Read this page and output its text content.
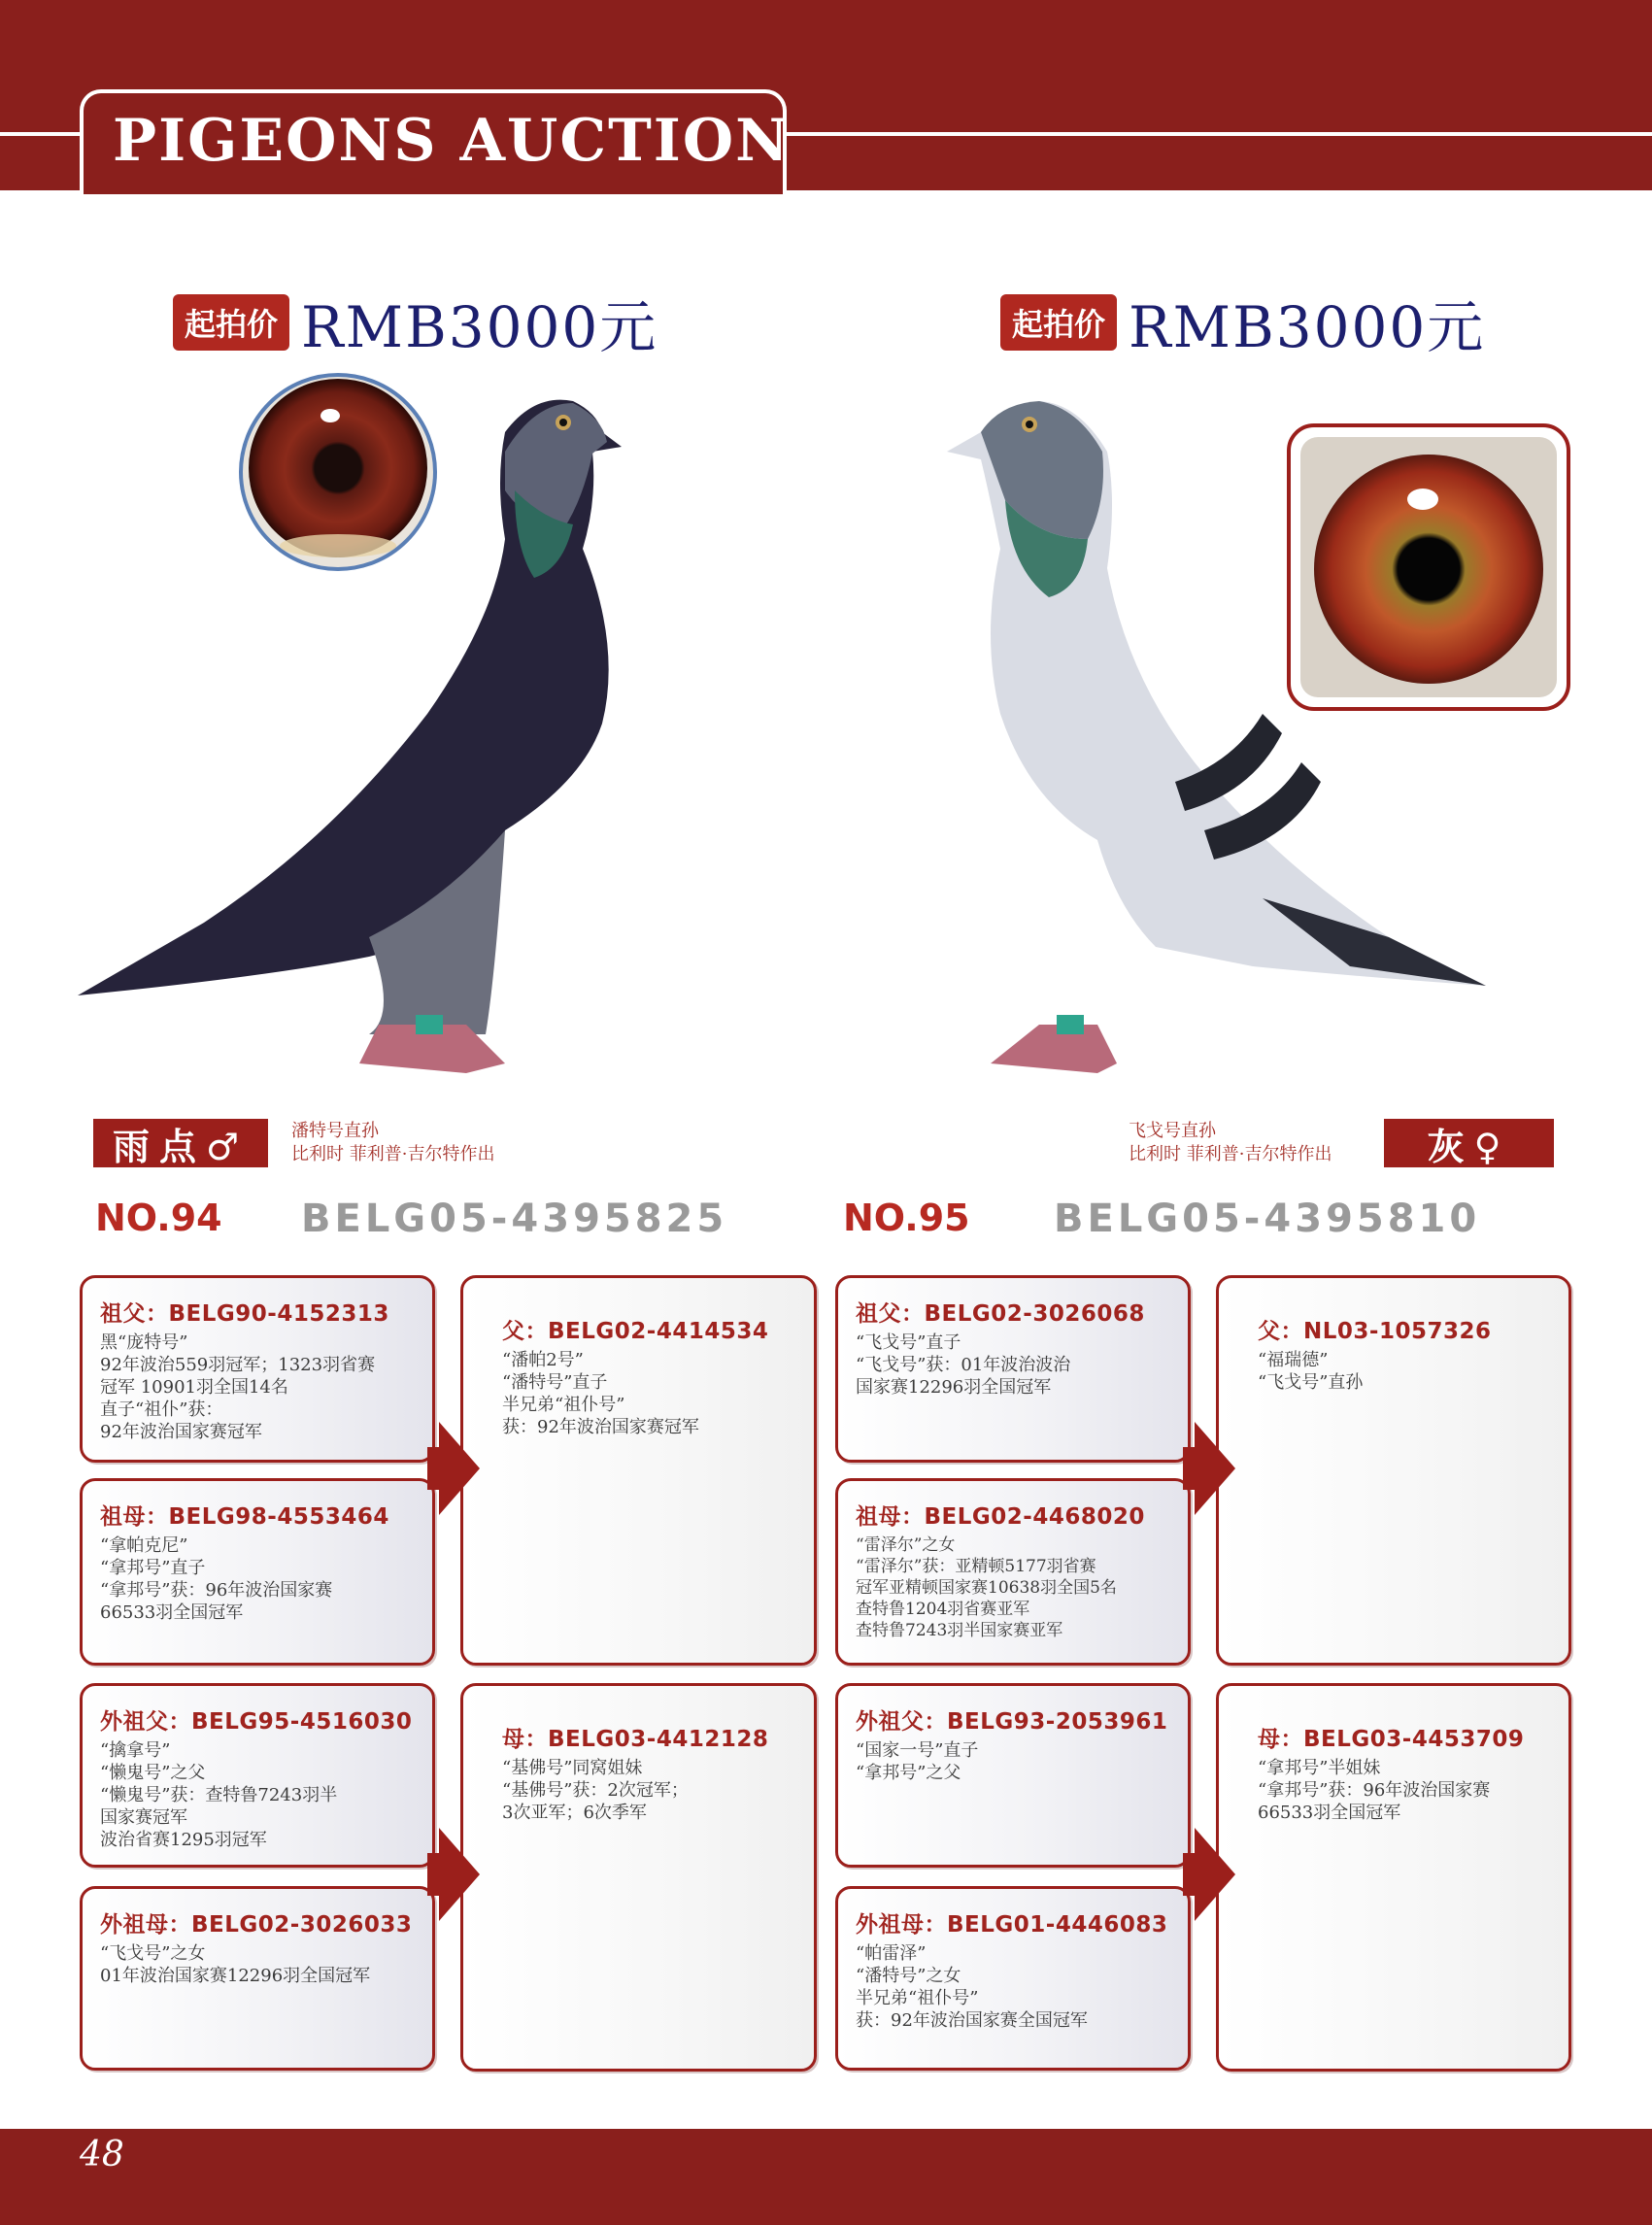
PIGEONS AUCTION
起拍价 RMB3000元	起拍价 RMB3000元
雨点♂	潘特号直孙
比利时 菲利普·吉尔特作出
飞戈号直孙
比利时 菲利普·吉尔特作出	灰♀
NO.94 BELG05-4395825	NO.95 BELG05-4395810
祖父：BELG90-4152313
黑“庞特号”
92年波治559羽冠军；1323羽省赛
冠军 10901羽全国14名
直子“祖仆”获：
92年波治国家赛冠军
祖母：BELG98-4553464
“拿帕克尼”
“拿邦号”直子
“拿邦号”获：96年波治国家赛
66533羽全国冠军
父：BELG02-4414534
“潘帕2号”
“潘特号”直子
半兄弟“祖仆号”
获：92年波治国家赛冠军
外祖父：BELG95-4516030
“擒拿号”
“懒鬼号”之父
“懒鬼号”获：查特鲁7243羽半
国家赛冠军
波治省赛1295羽冠军
外祖母：BELG02-3026033
“飞戈号”之女
01年波治国家赛12296羽全国冠军
母：BELG03-4412128
“基佛号”同窝姐妹
“基佛号”获：2次冠军；
3次亚军；6次季军
祖父：BELG02-3026068
“飞戈号”直子
“飞戈号”获：01年波治波治
国家赛12296羽全国冠军
祖母：BELG02-4468020
“雷泽尔”之女
“雷泽尔”获：亚精顿5177羽省赛
冠军亚精顿国家赛10638羽全国5名
查特鲁1204羽省赛亚军
查特鲁7243羽半国家赛亚军
父：NL03-1057326
“福瑞德”
“飞戈号”直孙
外祖父：BELG93-2053961
“国家一号”直子
“拿邦号”之父
外祖母：BELG01-4446083
“帕雷泽”
“潘特号”之女
半兄弟“祖仆号”
获：92年波治国家赛全国冠军
母：BELG03-4453709
“拿邦号”半姐妹
“拿邦号”获：96年波治国家赛
66533羽全国冠军
48
